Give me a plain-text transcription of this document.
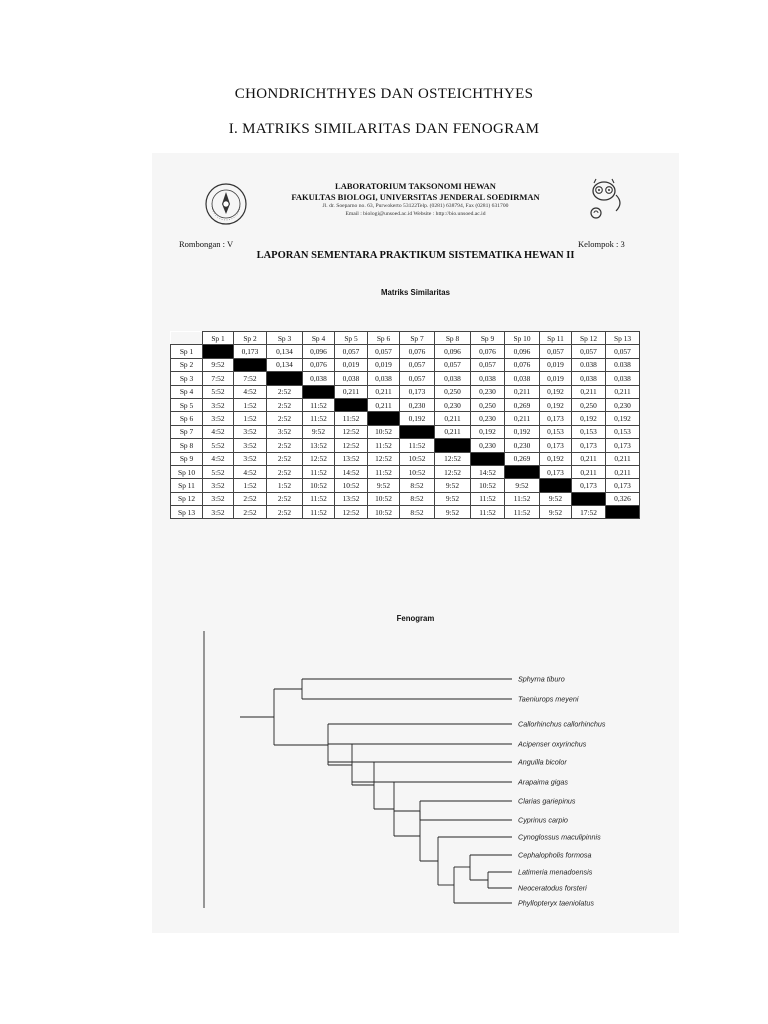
CHONDRICHTHYES DAN OSTEICHTHYES
I. MATRIKS SIMILARITAS DAN FENOGRAM
LABORATORIUM TAKSONOMI HEWAN
FAKULTAS BIOLOGI, UNIVERSITAS JENDERAL SOEDIRMAN
Jl. dr. Soeparno no. 63, Purwokerto 53122Telp. (0281) 638794, Fax (0281) 631700
Email : biologi@unsoed.ac.id Website : http://bio.unsoed.ac.id
Rombongan : V	Kelompok : 3
LAPORAN SEMENTARA PRAKTIKUM SISTEMATIKA HEWAN II
Matriks Similaritas
	Sp 1	Sp 2	Sp 3	Sp 4	Sp 5	Sp 6	Sp 7	Sp 8	Sp 9	Sp 10	Sp 11	Sp 12	Sp 13
Sp 1		0,173	0,134	0,096	0,057	0,057	0,076	0,096	0,076	0,096	0,057	0,057	0,057
Sp 2	9:52		0,134	0,076	0,019	0,019	0,057	0,057	0,057	0,076	0,019	0.038	0.038
Sp 3	7:52	7:52		0,038	0,038	0,038	0,057	0,038	0,038	0,038	0,019	0,038	0,038
Sp 4	5:52	4:52	2:52		0,211	0,211	0,173	0,250	0,230	0,211	0,192	0,211	0,211
Sp 5	3:52	1:52	2:52	11:52		0,211	0,230	0,230	0,250	0,269	0,192	0,250	0,230
Sp 6	3:52	1:52	2:52	11:52	11:52		0,192	0,211	0,230	0,211	0,173	0,192	0,192
Sp 7	4:52	3:52	3:52	9:52	12:52	10:52		0,211	0,192	0,192	0,153	0,153	0,153
Sp 8	5:52	3:52	2:52	13:52	12:52	11:52	11:52		0,230	0,230	0,173	0,173	0,173
Sp 9	4:52	3:52	2:52	12:52	13:52	12:52	10:52	12:52		0,269	0,192	0,211	0,211
Sp 10	5:52	4:52	2:52	11:52	14:52	11:52	10:52	12:52	14:52		0,173	0,211	0,211
Sp 11	3:52	1:52	1:52	10:52	10:52	9:52	8:52	9:52	10:52	9:52		0,173	0,173
Sp 12	3:52	2:52	2:52	11:52	13:52	10:52	8:52	9:52	11:52	11:52	9:52		0,326
Sp 13	3:52	2:52	2:52	11:52	12:52	10:52	8:52	9:52	11:52	11:52	9:52	17:52	
Fenogram
Sphyrna tiburo
Taeniurops meyeni
Callorhinchus callorhinchus
Acipenser oxyrinchus
Anguilla bicolor
Arapaima gigas
Clarias gariepinus
Cyprinus carpio
Cynoglossus maculipinnis
Cephalopholis formosa
Latimeria menadoensis
Neoceratodus forsteri
Phyllopteryx taeniolatus
